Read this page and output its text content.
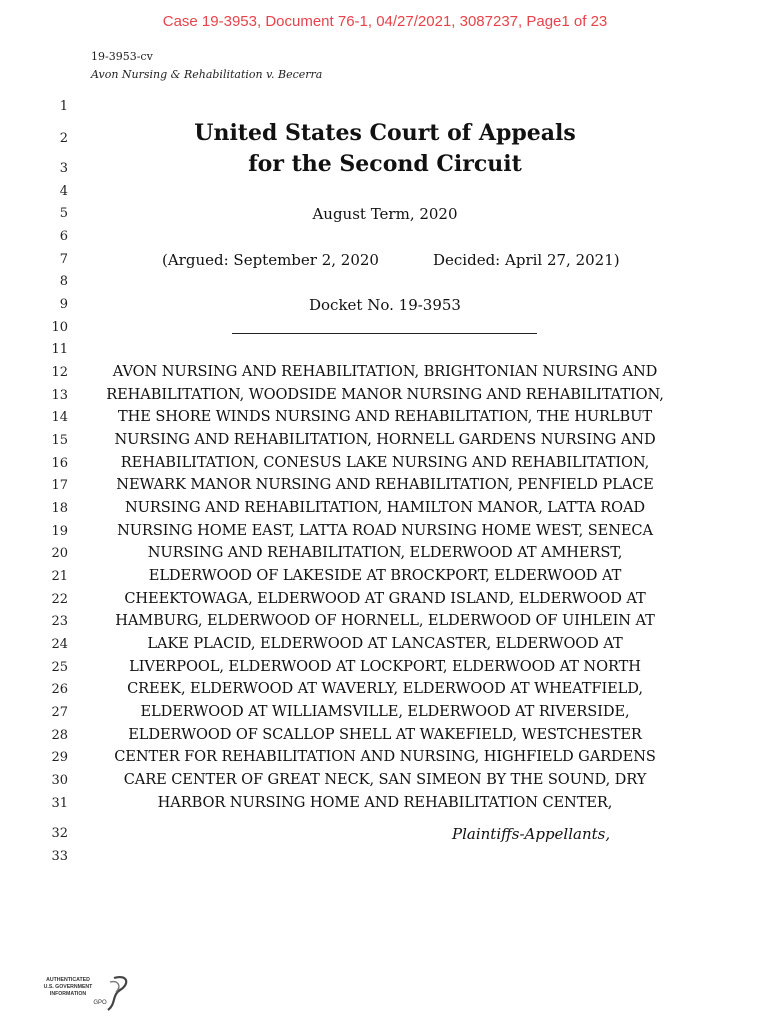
Case 19-3953, Document 76-1, 04/27/2021, 3087237, Page1 of 23
19-3953-cv
Avon Nursing & Rehabilitation v. Becerra
1
2
3
4
5
6
7
8
9
10
11
12
13
14
15
16
17
18
19
20
21
22
23
24
25
26
27
28
29
30
31
32
33
United States Court of Appeals
for the Second Circuit
August Term, 2020
(Argued: September 2, 2020	Decided: April 27, 2021)
Docket No. 19-3953
AVON NURSING AND REHABILITATION, BRIGHTONIAN NURSING AND
REHABILITATION, WOODSIDE MANOR NURSING AND REHABILITATION,
THE SHORE WINDS NURSING AND REHABILITATION, THE HURLBUT
NURSING AND REHABILITATION, HORNELL GARDENS NURSING AND
REHABILITATION, CONESUS LAKE NURSING AND REHABILITATION,
NEWARK MANOR NURSING AND REHABILITATION, PENFIELD PLACE
NURSING AND REHABILITATION, HAMILTON MANOR, LATTA ROAD
NURSING HOME EAST, LATTA ROAD NURSING HOME WEST, SENECA
NURSING AND REHABILITATION, ELDERWOOD AT AMHERST,
ELDERWOOD OF LAKESIDE AT BROCKPORT, ELDERWOOD AT
CHEEKTOWAGA, ELDERWOOD AT GRAND ISLAND, ELDERWOOD AT
HAMBURG, ELDERWOOD OF HORNELL, ELDERWOOD OF UIHLEIN AT
LAKE PLACID, ELDERWOOD AT LANCASTER, ELDERWOOD AT
LIVERPOOL, ELDERWOOD AT LOCKPORT, ELDERWOOD AT NORTH
CREEK, ELDERWOOD AT WAVERLY, ELDERWOOD AT WHEATFIELD,
ELDERWOOD AT WILLIAMSVILLE, ELDERWOOD AT RIVERSIDE,
ELDERWOOD OF SCALLOP SHELL AT WAKEFIELD, WESTCHESTER
CENTER FOR REHABILITATION AND NURSING, HIGHFIELD GARDENS
CARE CENTER OF GREAT NECK, SAN SIMEON BY THE SOUND, DRY
HARBOR NURSING HOME AND REHABILITATION CENTER,
Plaintiffs-Appellants,
AUTHENTICATED
U.S. GOVERNMENT
INFORMATION
GPO
